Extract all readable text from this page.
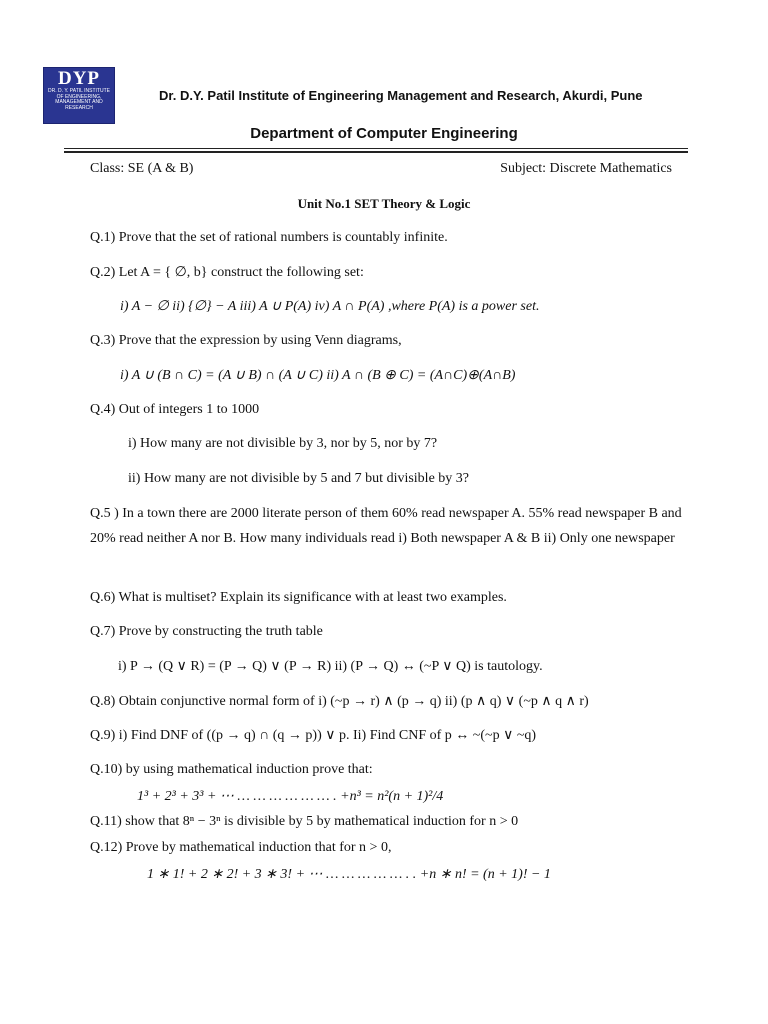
DYP
DR. D. Y. PATIL INSTITUTE OF ENGINEERING, MANAGEMENT AND RESEARCH
Dr. D.Y. Patil Institute of Engineering Management and Research, Akurdi, Pune
Department of Computer Engineering
Class: SE (A & B)	Subject: Discrete Mathematics
Unit No.1 SET Theory & Logic
Q.1) Prove that the set of rational numbers is countably infinite.
Q.2) Let A = { ∅, b} construct the following set:
i) A − ∅ ii) {∅} − A iii) A ∪ P(A) iv) A ∩ P(A) ,where P(A) is a power set.
Q.3) Prove that the expression by using Venn diagrams,
i) A ∪ (B ∩ C) = (A ∪ B) ∩ (A ∪ C) ii) A ∩ (B ⊕ C) = (A∩C)⊕(A∩B)
Q.4) Out of integers 1 to 1000
i) How many are not divisible by 3, nor by 5, nor by 7?
ii) How many are not divisible by 5 and 7 but divisible by 3?
Q.5 ) In a town there are 2000 literate person of them 60% read newspaper A. 55% read newspaper B and 20% read neither A nor B. How many individuals read i) Both newspaper A & B ii) Only one newspaper
Q.6) What is multiset? Explain its significance with at least two examples.
Q.7) Prove by constructing the truth table
i) P → (Q ∨ R) = (P → Q) ∨ (P → R) ii) (P → Q) ↔ (~P ∨ Q) is tautology.
Q.8) Obtain conjunctive normal form of i) (~p → r) ∧ (p → q) ii) (p ∧ q) ∨ (~p ∧ q ∧ r)
Q.9) i) Find DNF of ((p → q) ∩ (q → p)) ∨ p. Ii) Find CNF of p ↔ ~(~p ∨ ~q)
Q.10) by using mathematical induction prove that:
1³ + 2³ + 3³ + ⋯ … … … … … … . +n³ = n²(n + 1)²/4
Q.11) show that 8ⁿ − 3ⁿ is divisible by 5 by mathematical induction for n > 0
Q.12) Prove by mathematical induction that for n > 0,
1 ∗ 1! + 2 ∗ 2! + 3 ∗ 3! + ⋯ … … … … … . . +n ∗ n! = (n + 1)! − 1
